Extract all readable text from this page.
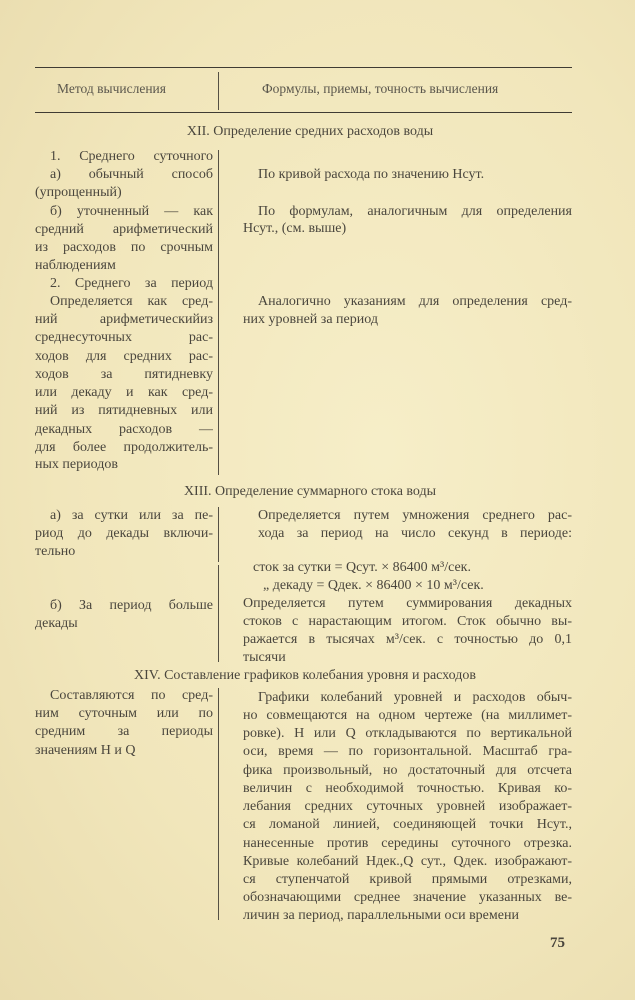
Метод вычисления	Формулы, приемы, точность вычисления
75
XII. Определение средних расходов воды
1. Среднего суточного
а) обычный способ
(упрощенный)
б) уточненный — как
средний арифметический
из расходов по срочным
наблюдениям
2. Среднего за период
Определяется как сред-
ний арифметическийиз
среднесуточных рас-
ходов для средних рас-
ходов за пятидневку
или декаду и как сред-
ний из пятидневных или
декадных расходов —
для более продолжитель-
ных периодов
По кривой расхода по значению Hсут.
По формулам, аналогичным для определения
Hсут., (см. выше)
Аналогично указаниям для определения сред-
них уровней за период
XIII. Определение суммарного стока воды
а) за сутки или за пе-
риод до декады включи-
тельно
б) За период больше
декады
Определяется путем умножения среднего рас-
хода за период на число секунд в периоде:
сток за сутки = Qсут. × 86400 м³/сек.
„ декаду = Qдек. × 86400 × 10 м³/сек.
Определяется путем суммирования декадных
стоков с нарастающим итогом. Сток обычно вы-
ражается в тысячах м³/сек. с точностью до 0,1
тысячи
XIV. Составление графиков колебания уровня и расходов
Составляются по сред-
ним суточным или по
средним за периоды
значениям H и Q
Графики колебаний уровней и расходов обыч-
но совмещаются на одном чертеже (на миллимет-
ровке). H или Q откладываются по вертикальной
оси, время — по горизонтальной. Масштаб гра-
фика произвольный, но достаточный для отсчета
величин с необходимой точностью. Кривая ко-
лебания средних суточных уровней изображает-
ся ломаной линией, соединяющей точки Hсут.,
нанесенные против середины суточного отрезка.
Кривые колебаний Hдек.,Q сут., Qдек. изображают-
ся ступенчатой кривой прямыми отрезками,
обозначающими среднее значение указанных ве-
личин за период, параллельными оси времени
